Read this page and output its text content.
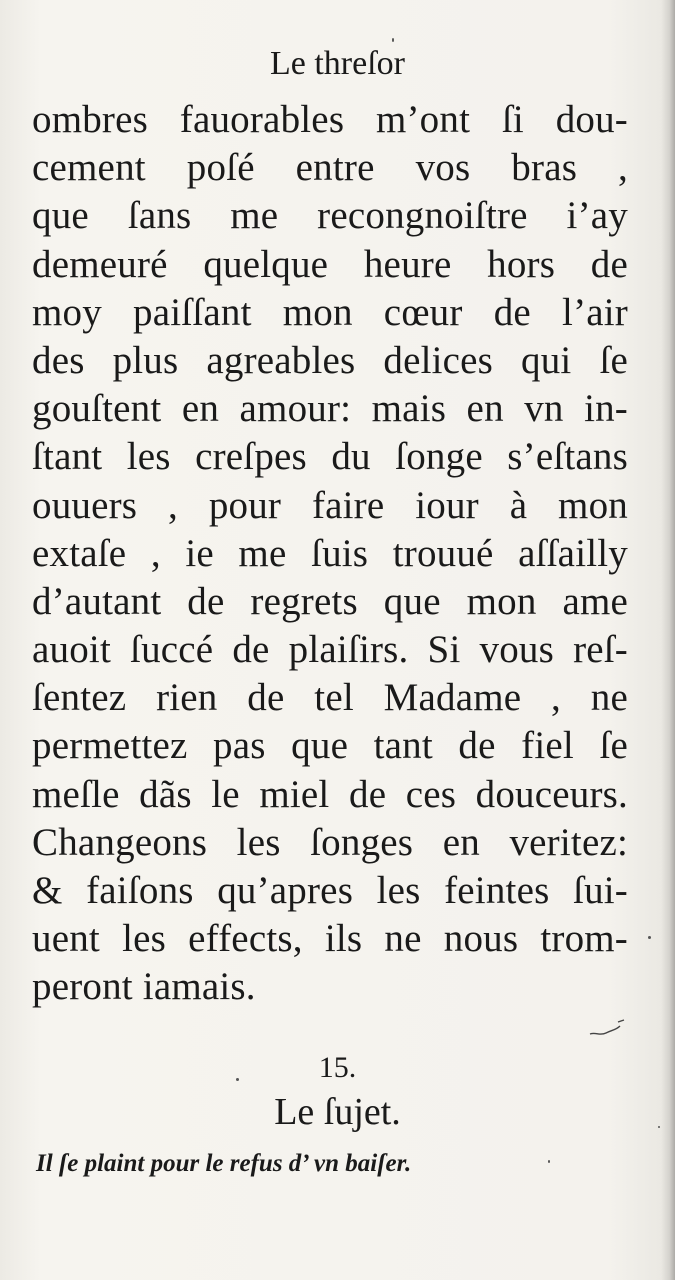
Le threſor
ombres fauorables m’ont ſi dou-
cement poſé entre vos bras ,
que ſans me recongnoiſtre i’ay
demeuré quelque heure hors de
moy paiſſant mon cœur de l’air
des plus agreables delices qui ſe
gouſtent en amour: mais en vn in-
ſtant les creſpes du ſonge s’eſtans
ouuers , pour faire iour à mon
extaſe , ie me ſuis trouué aſſailly
d’autant de regrets que mon ame
auoit ſuccé de plaiſirs. Si vous reſ-
ſentez rien de tel Madame , ne
permettez pas que tant de fiel ſe
meſle dãs le miel de ces douceurs.
Changeons les ſonges en veritez:
& faiſons qu’apres les feintes ſui-
uent les effects, ils ne nous trom-
peront iamais.
15.
Le ſujet.
Il ſe plaint pour le refus d’ vn baiſer.
